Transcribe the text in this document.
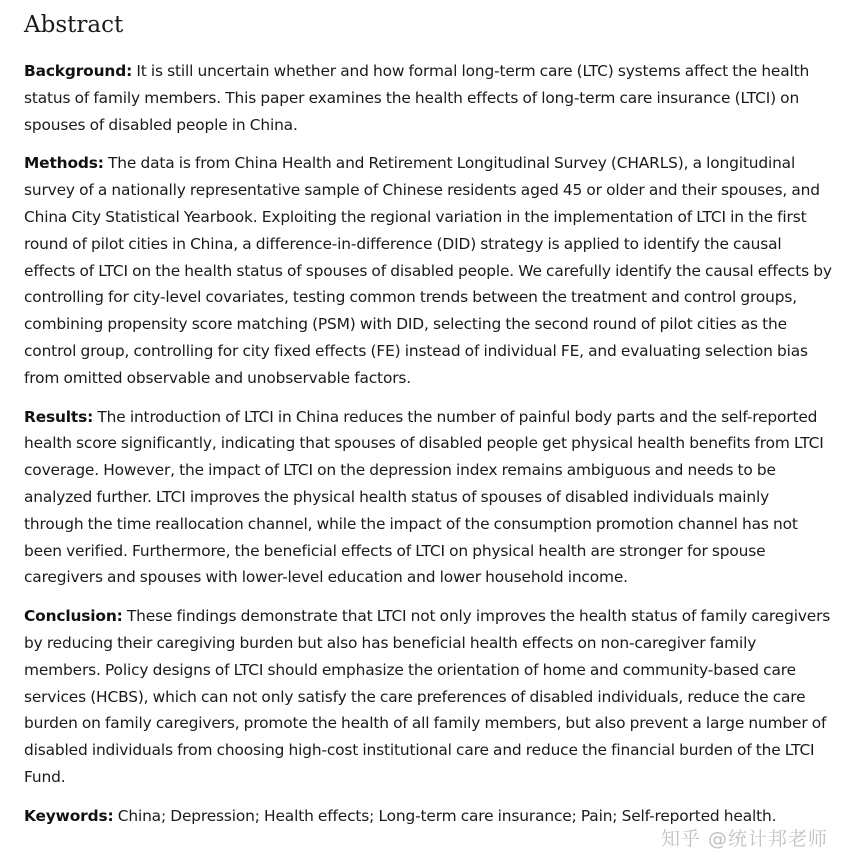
Abstract

Background: It is still uncertain whether and how formal long-term care (LTC) systems affect the health status of family members. This paper examines the health effects of long-term care insurance (LTCI) on spouses of disabled people in China.

Methods: The data is from China Health and Retirement Longitudinal Survey (CHARLS), a longitudinal survey of a nationally representative sample of Chinese residents aged 45 or older and their spouses, and China City Statistical Yearbook. Exploiting the regional variation in the implementation of LTCI in the first round of pilot cities in China, a difference-in-difference (DID) strategy is applied to identify the causal effects of LTCI on the health status of spouses of disabled people. We carefully identify the causal effects by controlling for city-level covariates, testing common trends between the treatment and control groups, combining propensity score matching (PSM) with DID, selecting the second round of pilot cities as the control group, controlling for city fixed effects (FE) instead of individual FE, and evaluating selection bias from omitted observable and unobservable factors.

Results: The introduction of LTCI in China reduces the number of painful body parts and the self-reported health score significantly, indicating that spouses of disabled people get physical health benefits from LTCI coverage. However, the impact of LTCI on the depression index remains ambiguous and needs to be analyzed further. LTCI improves the physical health status of spouses of disabled individuals mainly through the time reallocation channel, while the impact of the consumption promotion channel has not been verified. Furthermore, the beneficial effects of LTCI on physical health are stronger for spouse caregivers and spouses with lower-level education and lower household income.

Conclusion: These findings demonstrate that LTCI not only improves the health status of family caregivers by reducing their caregiving burden but also has beneficial health effects on non-caregiver family members. Policy designs of LTCI should emphasize the orientation of home and community-based care services (HCBS), which can not only satisfy the care preferences of disabled individuals, reduce the care burden on family caregivers, promote the health of all family members, but also prevent a large number of disabled individuals from choosing high-cost institutional care and reduce the financial burden of the LTCI Fund.

Keywords: China; Depression; Health effects; Long-term care insurance; Pain; Self-reported health.

知乎 @统计邦老师
